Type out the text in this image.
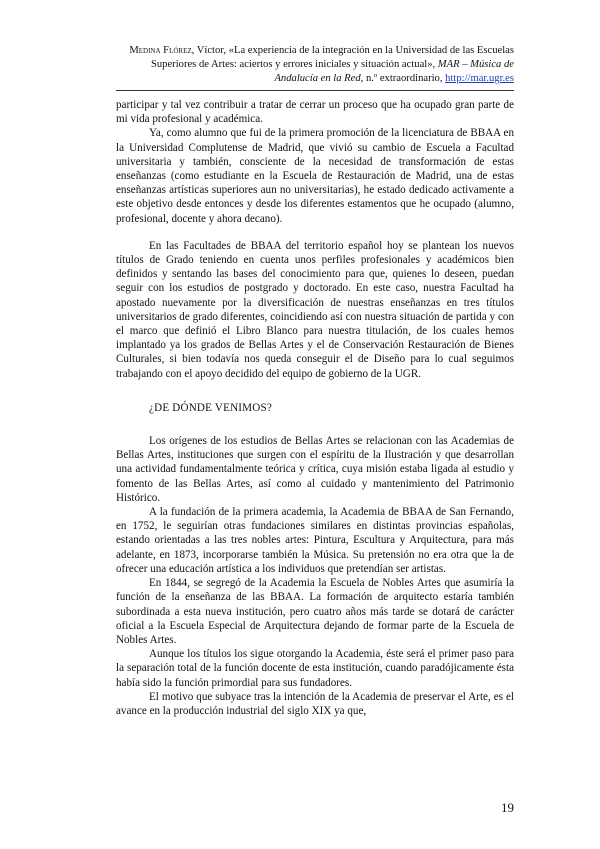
Medina Flórez, Víctor, «La experiencia de la integración en la Universidad de las Escuelas Superiores de Artes: aciertos y errores iniciales y situación actual», MAR – Música de Andalucía en la Red, n.º extraordinario, http://mar.ugr.es

participar y tal vez contribuir a tratar de cerrar un proceso que ha ocupado gran parte de mi vida profesional y académica.

Ya, como alumno que fui de la primera promoción de la licenciatura de BBAA en la Universidad Complutense de Madrid, que vivió su cambio de Escuela a Facultad universitaria y también, consciente de la necesidad de transformación de estas enseñanzas (como estudiante en la Escuela de Restauración de Madrid, una de estas enseñanzas artísticas superiores aun no universitarias), he estado dedicado activamente a este objetivo desde entonces y desde los diferentes estamentos que he ocupado (alumno, profesional, docente y ahora decano).

En las Facultades de BBAA del territorio español hoy se plantean los nuevos títulos de Grado teniendo en cuenta unos perfiles profesionales y académicos bien definidos y sentando las bases del conocimiento para que, quienes lo deseen, puedan seguir con los estudios de postgrado y doctorado. En este caso, nuestra Facultad ha apostado nuevamente por la diversificación de nuestras enseñanzas en tres títulos universitarios de grado diferentes, coincidiendo así con nuestra situación de partida y con el marco que definió el Libro Blanco para nuestra titulación, de los cuales hemos implantado ya los grados de Bellas Artes y el de Conservación Restauración de Bienes Culturales, si bien todavía nos queda conseguir el de Diseño para lo cual seguimos trabajando con el apoyo decidido del equipo de gobierno de la UGR.

¿DE DÓNDE VENIMOS?

Los orígenes de los estudios de Bellas Artes se relacionan con las Academias de Bellas Artes, instituciones que surgen con el espíritu de la Ilustración y que desarrollan una actividad fundamentalmente teórica y crítica, cuya misión estaba ligada al estudio y fomento de las Bellas Artes, así como al cuidado y mantenimiento del Patrimonio Histórico.

A la fundación de la primera academia, la Academia de BBAA de San Fernando, en 1752, le seguirían otras fundaciones similares en distintas provincias españolas, estando orientadas a las tres nobles artes: Pintura, Escultura y Arquitectura, para más adelante, en 1873, incorporarse también la Música. Su pretensión no era otra que la de ofrecer una educación artística a los individuos que pretendían ser artistas.

En 1844, se segregó de la Academia la Escuela de Nobles Artes que asumiría la función de la enseñanza de las BBAA. La formación de arquitecto estaría también subordinada a esta nueva institución, pero cuatro años más tarde se dotará de carácter oficial a la Escuela Especial de Arquitectura dejando de formar parte de la Escuela de Nobles Artes.

Aunque los títulos los sigue otorgando la Academia, éste será el primer paso para la separación total de la función docente de esta institución, cuando paradójicamente ésta había sido la función primordial para sus fundadores.

El motivo que subyace tras la intención de la Academia de preservar el Arte, es el avance en la producción industrial del siglo XIX ya que,

19
